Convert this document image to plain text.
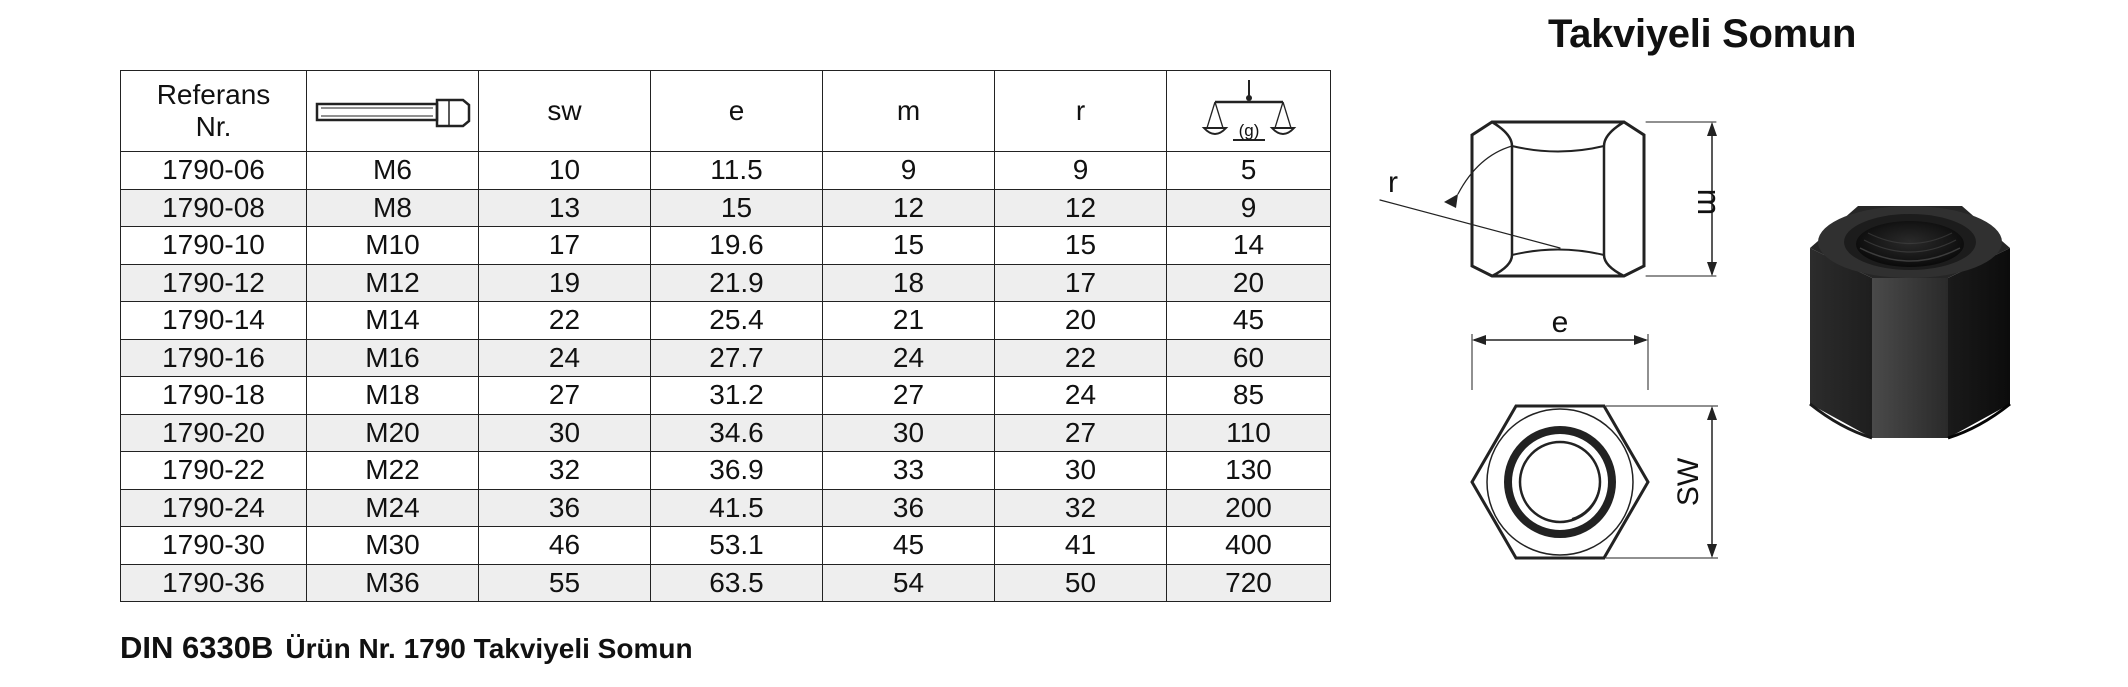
Takviyeli Somun
Referans
Nr.		sw	e	m	r	(g)

1790-06	M6	10	11.5	9	9	5
1790-08	M8	13	15	12	12	9
1790-10	M10	17	19.6	15	15	14
1790-12	M12	19	21.9	18	17	20
1790-14	M14	22	25.4	21	20	45
1790-16	M16	24	27.7	24	22	60
1790-18	M18	27	31.2	27	24	85
1790-20	M20	30	34.6	30	27	110
1790-22	M22	32	36.9	33	30	130
1790-24	M24	36	41.5	36	32	200
1790-30	M30	46	53.1	45	41	400
1790-36	M36	55	63.5	54	50	720
r
m
e
SW
DIN 6330B Ürün Nr. 1790 Takviyeli Somun
